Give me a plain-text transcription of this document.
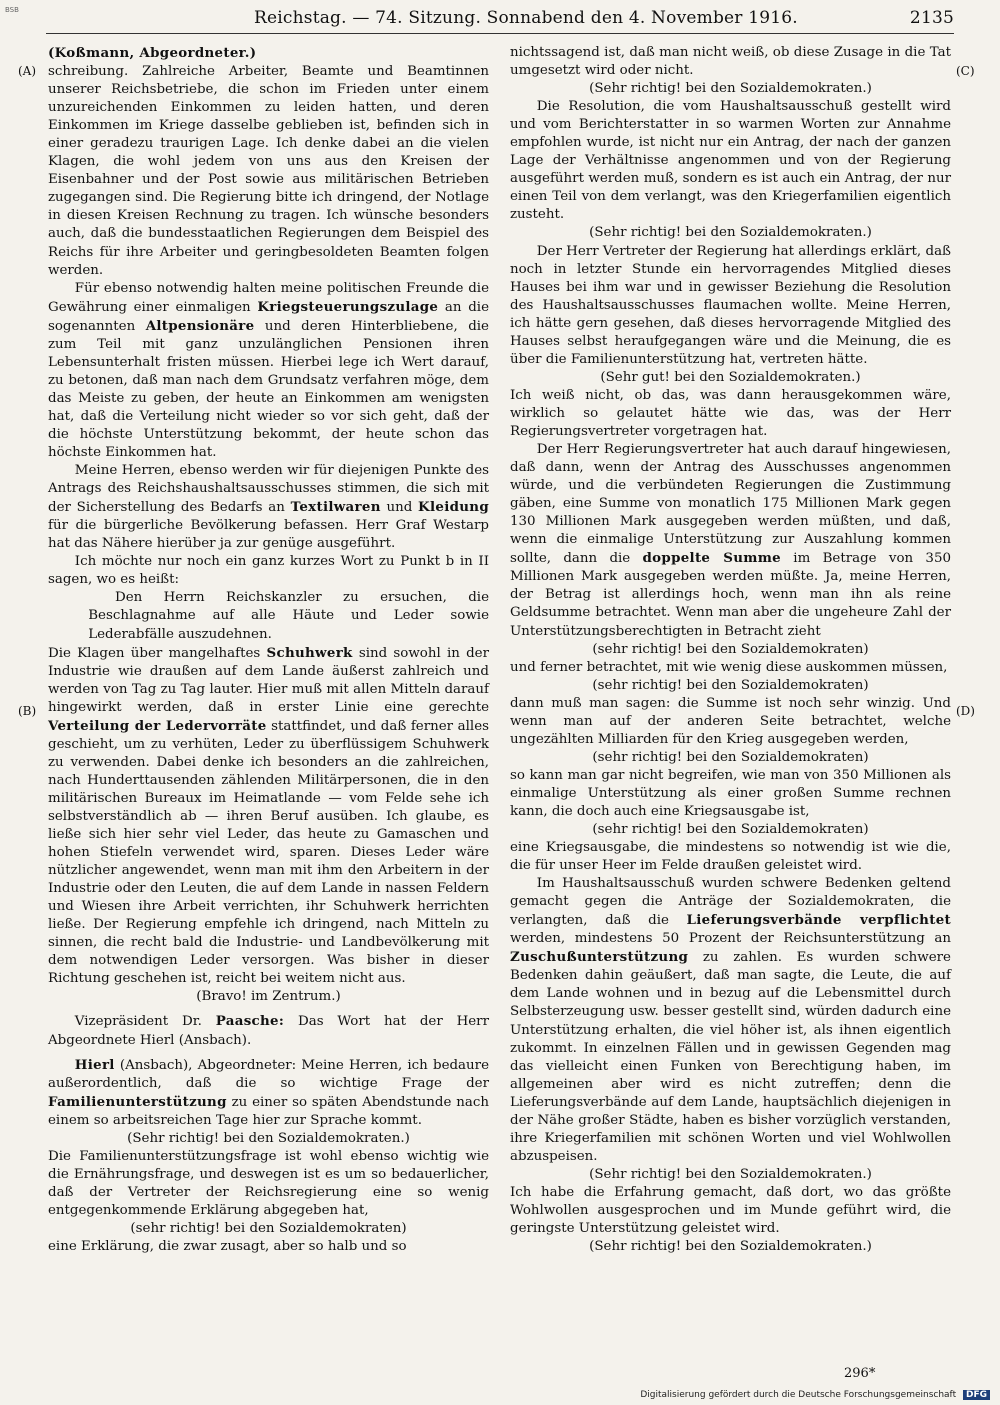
BSB	Reichstag. — 74. Sitzung. Sonnabend den 4. November 1916.	2135
(A)
(B)
(C)
(D)

(Koßmann, Abgeordneter.)

schreibung. Zahlreiche Arbeiter, Beamte und Beamtinnen unserer Reichsbetriebe, die schon im Frieden unter einem unzureichenden Einkommen zu leiden hatten, und deren Einkommen im Kriege dasselbe geblieben ist, befinden sich in einer geradezu traurigen Lage. Ich denke dabei an die vielen Klagen, die wohl jedem von uns aus den Kreisen der Eisenbahner und der Post sowie aus militärischen Betrieben zugegangen sind. Die Regierung bitte ich dringend, der Notlage in diesen Kreisen Rechnung zu tragen. Ich wünsche besonders auch, daß die bundesstaatlichen Regierungen dem Beispiel des Reichs für ihre Arbeiter und geringbesoldeten Beamten folgen werden.

Für ebenso notwendig halten meine politischen Freunde die Gewährung einer einmaligen Kriegsteuerungszulage an die sogenannten Altpensionäre und deren Hinterbliebene, die zum Teil mit ganz unzulänglichen Pensionen ihren Lebensunterhalt fristen müssen. Hierbei lege ich Wert darauf, zu betonen, daß man nach dem Grundsatz verfahren möge, dem das Meiste zu geben, der heute an Einkommen am wenigsten hat, daß die Verteilung nicht wieder so vor sich geht, daß der die höchste Unterstützung bekommt, der heute schon das höchste Einkommen hat.

Meine Herren, ebenso werden wir für diejenigen Punkte des Antrags des Reichshaushaltsausschusses stimmen, die sich mit der Sicherstellung des Bedarfs an Textilwaren und Kleidung für die bürgerliche Bevölkerung befassen. Herr Graf Westarp hat das Nähere hierüber ja zur genüge ausgeführt.

Ich möchte nur noch ein ganz kurzes Wort zu Punkt b in II sagen, wo es heißt:

Den Herrn Reichskanzler zu ersuchen, die Beschlagnahme auf alle Häute und Leder sowie Lederabfälle auszudehnen.

Die Klagen über mangelhaftes Schuhwerk sind sowohl in der Industrie wie draußen auf dem Lande äußerst zahlreich und werden von Tag zu Tag lauter. Hier muß mit allen Mitteln darauf hingewirkt werden, daß in erster Linie eine gerechte Verteilung der Ledervorräte stattfindet, und daß ferner alles geschieht, um zu verhüten, Leder zu überflüssigem Schuhwerk zu verwenden. Dabei denke ich besonders an die zahlreichen, nach Hunderttausenden zählenden Militärpersonen, die in den militärischen Bureaux im Heimatlande — vom Felde sehe ich selbstverständlich ab — ihren Beruf ausüben. Ich glaube, es ließe sich hier sehr viel Leder, das heute zu Gamaschen und hohen Stiefeln verwendet wird, sparen. Dieses Leder wäre nützlicher angewendet, wenn man mit ihm den Arbeitern in der Industrie oder den Leuten, die auf dem Lande in nassen Feldern und Wiesen ihre Arbeit verrichten, ihr Schuhwerk herrichten ließe. Der Regierung empfehle ich dringend, nach Mitteln zu sinnen, die recht bald die Industrie- und Landbevölkerung mit dem notwendigen Leder versorgen. Was bisher in dieser Richtung geschehen ist, reicht bei weitem nicht aus.

(Bravo! im Zentrum.)

Vizepräsident Dr. Paasche: Das Wort hat der Herr Abgeordnete Hierl (Ansbach).

Hierl (Ansbach), Abgeordneter: Meine Herren, ich bedaure außerordentlich, daß die so wichtige Frage der Familienunterstützung zu einer so späten Abendstunde nach einem so arbeitsreichen Tage hier zur Sprache kommt.

(Sehr richtig! bei den Sozialdemokraten.)

Die Familienunterstützungsfrage ist wohl ebenso wichtig wie die Ernährungsfrage, und deswegen ist es um so bedauerlicher, daß der Vertreter der Reichsregierung eine so wenig entgegenkommende Erklärung abgegeben hat,

(sehr richtig! bei den Sozialdemokraten)

eine Erklärung, die zwar zusagt, aber so halb und so

nichtssagend ist, daß man nicht weiß, ob diese Zusage in die Tat umgesetzt wird oder nicht.

(Sehr richtig! bei den Sozialdemokraten.)

Die Resolution, die vom Haushaltsausschuß gestellt wird und vom Berichterstatter in so warmen Worten zur Annahme empfohlen wurde, ist nicht nur ein Antrag, der nach der ganzen Lage der Verhältnisse angenommen und von der Regierung ausgeführt werden muß, sondern es ist auch ein Antrag, der nur einen Teil von dem verlangt, was den Kriegerfamilien eigentlich zusteht.

(Sehr richtig! bei den Sozialdemokraten.)

Der Herr Vertreter der Regierung hat allerdings erklärt, daß noch in letzter Stunde ein hervorragendes Mitglied dieses Hauses bei ihm war und in gewisser Beziehung die Resolution des Haushaltsausschusses flaumachen wollte. Meine Herren, ich hätte gern gesehen, daß dieses hervorragende Mitglied des Hauses selbst heraufgegangen wäre und die Meinung, die es über die Familienunterstützung hat, vertreten hätte.

(Sehr gut! bei den Sozialdemokraten.)

Ich weiß nicht, ob das, was dann herausgekommen wäre, wirklich so gelautet hätte wie das, was der Herr Regierungsvertreter vorgetragen hat.

Der Herr Regierungsvertreter hat auch darauf hingewiesen, daß dann, wenn der Antrag des Ausschusses angenommen würde, und die verbündeten Regierungen die Zustimmung gäben, eine Summe von monatlich 175 Millionen Mark gegen 130 Millionen Mark ausgegeben werden müßten, und daß, wenn die einmalige Unterstützung zur Auszahlung kommen sollte, dann die doppelte Summe im Betrage von 350 Millionen Mark ausgegeben werden müßte. Ja, meine Herren, der Betrag ist allerdings hoch, wenn man ihn als reine Geldsumme betrachtet. Wenn man aber die ungeheure Zahl der Unterstützungsberechtigten in Betracht zieht

(sehr richtig! bei den Sozialdemokraten)

und ferner betrachtet, mit wie wenig diese auskommen müssen,

(sehr richtig! bei den Sozialdemokraten)

dann muß man sagen: die Summe ist noch sehr winzig. Und wenn man auf der anderen Seite betrachtet, welche ungezählten Milliarden für den Krieg ausgegeben werden,

(sehr richtig! bei den Sozialdemokraten)

so kann man gar nicht begreifen, wie man von 350 Millionen als einmalige Unterstützung als einer großen Summe rechnen kann, die doch auch eine Kriegsausgabe ist,

(sehr richtig! bei den Sozialdemokraten)

eine Kriegsausgabe, die mindestens so notwendig ist wie die, die für unser Heer im Felde draußen geleistet wird.

Im Haushaltsausschuß wurden schwere Bedenken geltend gemacht gegen die Anträge der Sozialdemokraten, die verlangten, daß die Lieferungsverbände verpflichtet werden, mindestens 50 Prozent der Reichsunterstützung an Zuschußunterstützung zu zahlen. Es wurden schwere Bedenken dahin geäußert, daß man sagte, die Leute, die auf dem Lande wohnen und in bezug auf die Lebensmittel durch Selbsterzeugung usw. besser gestellt sind, würden dadurch eine Unterstützung erhalten, die viel höher ist, als ihnen eigentlich zukommt. In einzelnen Fällen und in gewissen Gegenden mag das vielleicht einen Funken von Berechtigung haben, im allgemeinen aber wird es nicht zutreffen; denn die Lieferungsverbände auf dem Lande, hauptsächlich diejenigen in der Nähe großer Städte, haben es bisher vorzüglich verstanden, ihre Kriegerfamilien mit schönen Worten und viel Wohlwollen abzuspeisen.

(Sehr richtig! bei den Sozialdemokraten.)

Ich habe die Erfahrung gemacht, daß dort, wo das größte Wohlwollen ausgesprochen und im Munde geführt wird, die geringste Unterstützung geleistet wird.

(Sehr richtig! bei den Sozialdemokraten.)

296*
Digitalisierung gefördert durch die Deutsche Forschungsgemeinschaft DFG
